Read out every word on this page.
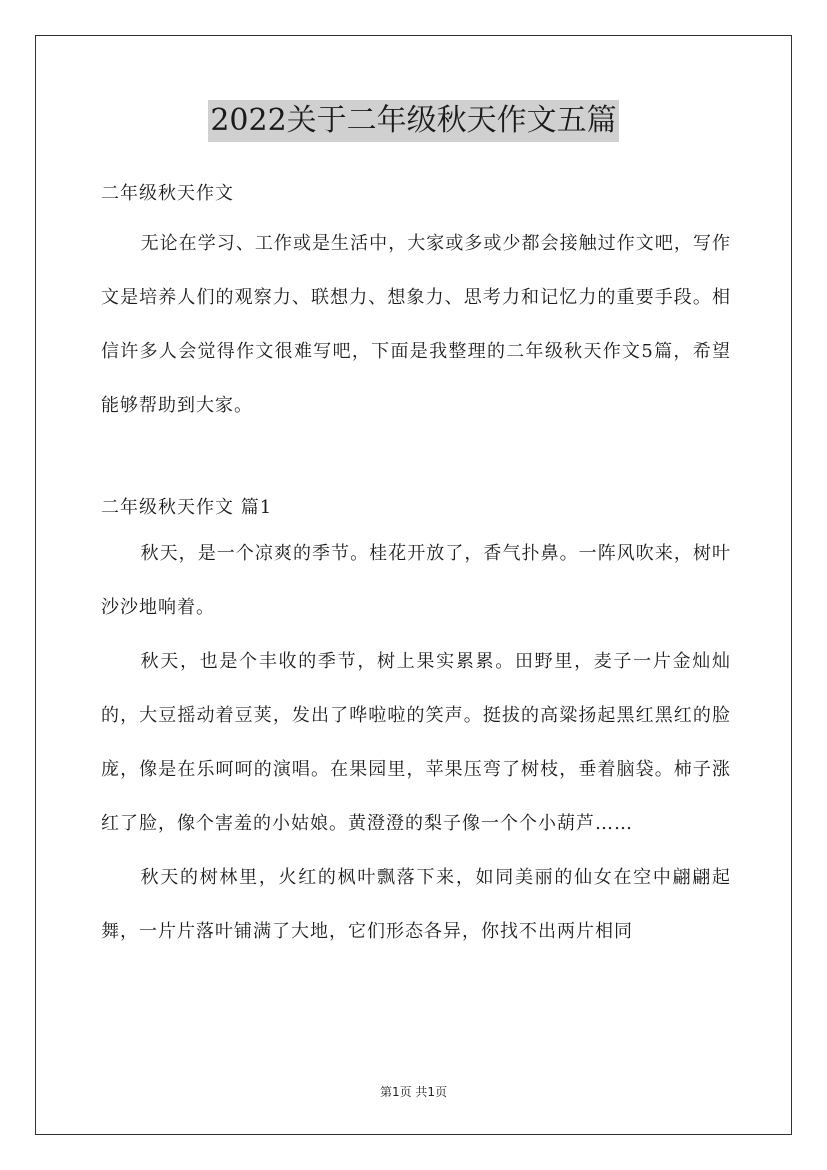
2022关于二年级秋天作文五篇

二年级秋天作文

无论在学习、工作或是生活中，大家或多或少都会接触过作文吧，写作文是培养人们的观察力、联想力、想象力、思考力和记忆力的重要手段。相信许多人会觉得作文很难写吧，下面是我整理的二年级秋天作文5篇，希望能够帮助到大家。

二年级秋天作文 篇1

秋天，是一个凉爽的季节。桂花开放了，香气扑鼻。一阵风吹来，树叶沙沙地响着。

秋天，也是个丰收的季节，树上果实累累。田野里，麦子一片金灿灿的，大豆摇动着豆荚，发出了哗啦啦的笑声。挺拔的高粱扬起黑红黑红的脸庞，像是在乐呵呵的演唱。在果园里，苹果压弯了树枝，垂着脑袋。柿子涨红了脸，像个害羞的小姑娘。黄澄澄的梨子像一个个小葫芦……

秋天的树林里，火红的枫叶飘落下来，如同美丽的仙女在空中翩翩起舞，一片片落叶铺满了大地，它们形态各异，你找不出两片相同

第1页 共1页
